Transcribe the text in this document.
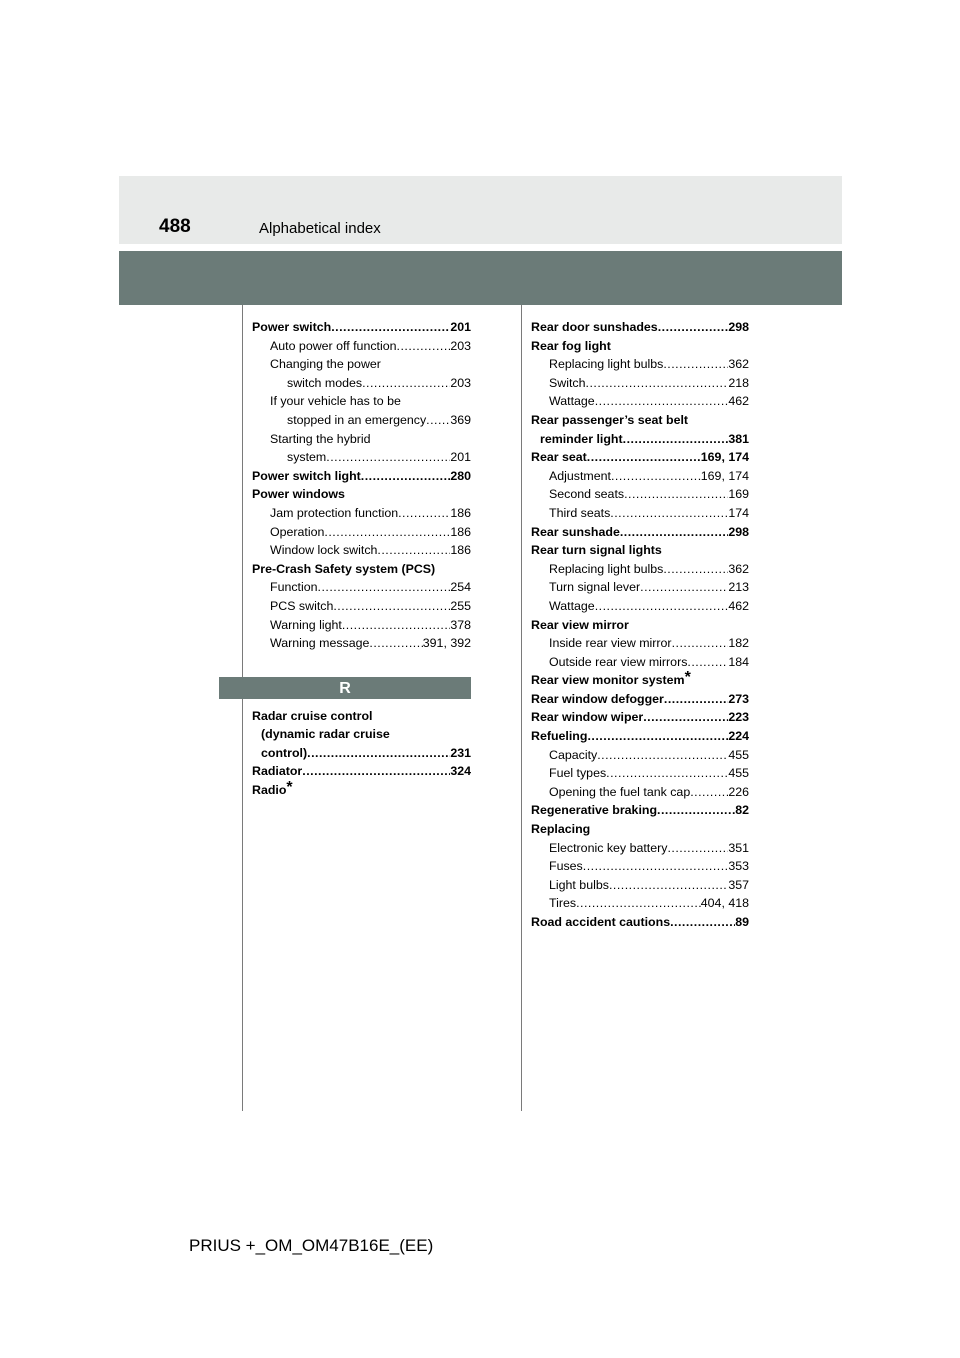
488	Alphabetical index
Power switch .....	201
Auto power off function .....	203
Changing the power
switch modes .....	203
If your vehicle has to be
stopped in an emergency ..... 369
Starting the hybrid
system .....	201
Power switch light .....	280
Power windows
Jam protection function .....	186
Operation .....	186
Window lock switch .....	186
Pre-Crash Safety system (PCS)
Function .....	254
PCS switch .....	255
Warning light .....	378
Warning message .....	391, 392
R
Radar cruise control
(dynamic radar cruise
control) .....	231
Radiator .....	324
Radio*
Rear door sunshades .....	298
Rear fog light
Replacing light bulbs .....	362
Switch .....	218
Wattage .....	462
Rear passenger’s seat belt
reminder light .....	381
Rear seat .....	169, 174
Adjustment .....	169, 174
Second seats .....	169
Third seats .....	174
Rear sunshade .....	298
Rear turn signal lights
Replacing light bulbs .....	362
Turn signal lever .....	213
Wattage .....	462
Rear view mirror
Inside rear view mirror .....	182
Outside rear view mirrors .....	184
Rear view monitor system*
Rear window defogger .....	273
Rear window wiper .....	223
Refueling .....	224
Capacity .....	455
Fuel types .....	455
Opening the fuel tank cap .....	226
Regenerative braking .....	82
Replacing
Electronic key battery .....	351
Fuses .....	353
Light bulbs .....	357
Tires .....	404, 418
Road accident cautions .....	89
PRIUS +_OM_OM47B16E_(EE)
